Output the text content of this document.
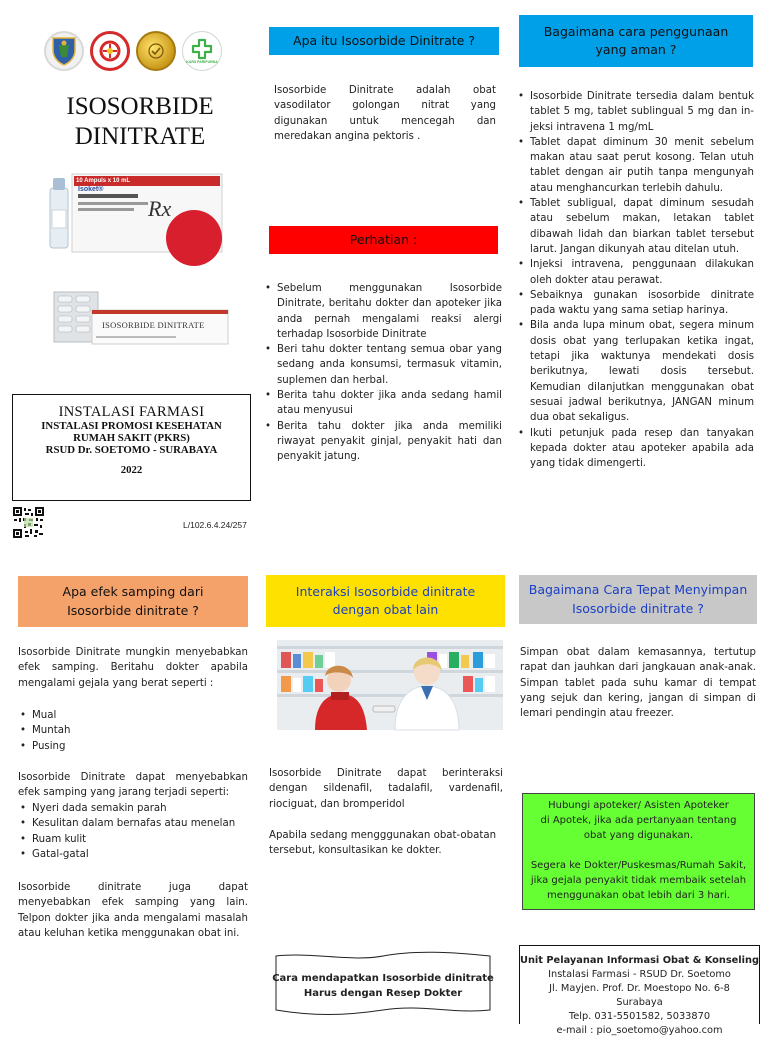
KARS PARIPURNA
ISOSORBIDE
DINITRATE
10 Ampuls x 10 mL
Isoket®
Rx
ISOSORBIDE DINITRATE
INSTALASI FARMASI
INSTALASI PROMOSI KESEHATAN
RUMAH SAKIT (PKRS)
RSUD Dr. SOETOMO - SURABAYA
2022
L/102.6.4.24/257
Apa itu Isosorbide Dinitrate ?
Isosorbide Dinitrate adalah obat vasodilator golongan nitrat yang digunakan untuk mencegah dan meredakan angina pektoris .
Perhatian :
• Sebelum menggunakan Isosorbide Dinitrate, beritahu dokter dan apoteker jika anda pernah mengalami reaksi alergi terhadap Isosorbide Dinitrate
• Beri tahu dokter tentang semua obar yang sedang anda konsumsi, termasuk vitamin, suplemen dan herbal.
• Berita tahu dokter jika anda sedang hamil atau menyusui
• Berita tahu dokter jika anda memiliki riwayat penyakit ginjal, penyakit hati dan penyakit jatung.
Bagaimana cara penggunaan yang aman ?
• Isosorbide Dinitrate tersedia dalam bentuk tablet 5 mg, tablet sublingual 5 mg dan in-jeksi intravena 1 mg/mL
• Tablet dapat diminum 30 menit sebelum makan atau saat perut kosong. Telan utuh tablet dengan air putih tanpa mengunyah atau menghancurkan terlebih dahulu.
• Tablet subligual, dapat diminum sesudah atau sebelum makan, letakan tablet dibawah lidah dan biarkan tablet tersebut larut. Jangan dikunyah atau ditelan utuh.
• Injeksi intravena, penggunaan dilakukan oleh dokter atau perawat.
• Sebaiknya gunakan isosorbide dinitrate pada waktu yang sama setiap harinya.
• Bila anda lupa minum obat, segera minum dosis obat yang terlupakan ketika ingat, tetapi jika waktunya mendekati dosis berikutnya, lewati dosis tersebut. Kemudian dilanjutkan menggunakan obat sesuai jadwal berikutnya, JANGAN minum dua obat sekaligus.
• Ikuti petunjuk pada resep dan tanyakan kepada dokter atau apoteker apabila ada yang tidak dimengerti.
Apa efek samping dari Isosorbide dinitrate ?
Isosorbide Dinitrate mungkin menyebabkan efek samping. Beritahu dokter apabila mengalami gejala yang berat seperti :
• Mual
• Muntah
• Pusing
Isosorbide Dinitrate dapat menyebabkan efek samping yang jarang terjadi seperti:
• Nyeri dada semakin parah
• Kesulitan dalam bernafas atau menelan
• Ruam kulit
• Gatal-gatal
Isosorbide dinitrate juga dapat menyebabkan efek samping yang lain. Telpon dokter jika anda mengalami masalah atau keluhan ketika menggunakan obat ini.
Interaksi Isosorbide dinitrate dengan obat lain
Isosorbide Dinitrate dapat berinteraksi dengan sildenafil, tadalafil, vardenafil, riociguat, dan bromperidol
Apabila sedang mengggunakan obat-obatan tersebut, konsultasikan ke dokter.
Cara mendapatkan Isosorbide dinitrate
Harus dengan Resep Dokter
Bagaimana Cara Tepat Menyimpan Isosorbide dinitrate ?
Simpan obat dalam kemasannya, tertutup rapat dan jauhkan dari jangkauan anak-anak. Simpan tablet pada suhu kamar di tempat yang sejuk dan kering, jangan di simpan di lemari pendingin atau freezer.
Hubungi apoteker/ Asisten Apoteker
di Apotek, jika ada pertanyaan tentang
obat yang digunakan.
Segera ke Dokter/Puskesmas/Rumah Sakit,
jika gejala penyakit tidak membaik setelah
menggunakan obat lebih dari 3 hari.
Unit Pelayanan Informasi Obat & Konseling
Instalasi Farmasi - RSUD Dr. Soetomo
Jl. Mayjen. Prof. Dr. Moestopo No. 6-8
Surabaya
Telp. 031-5501582, 5033870
e-mail : pio_soetomo@yahoo.com
